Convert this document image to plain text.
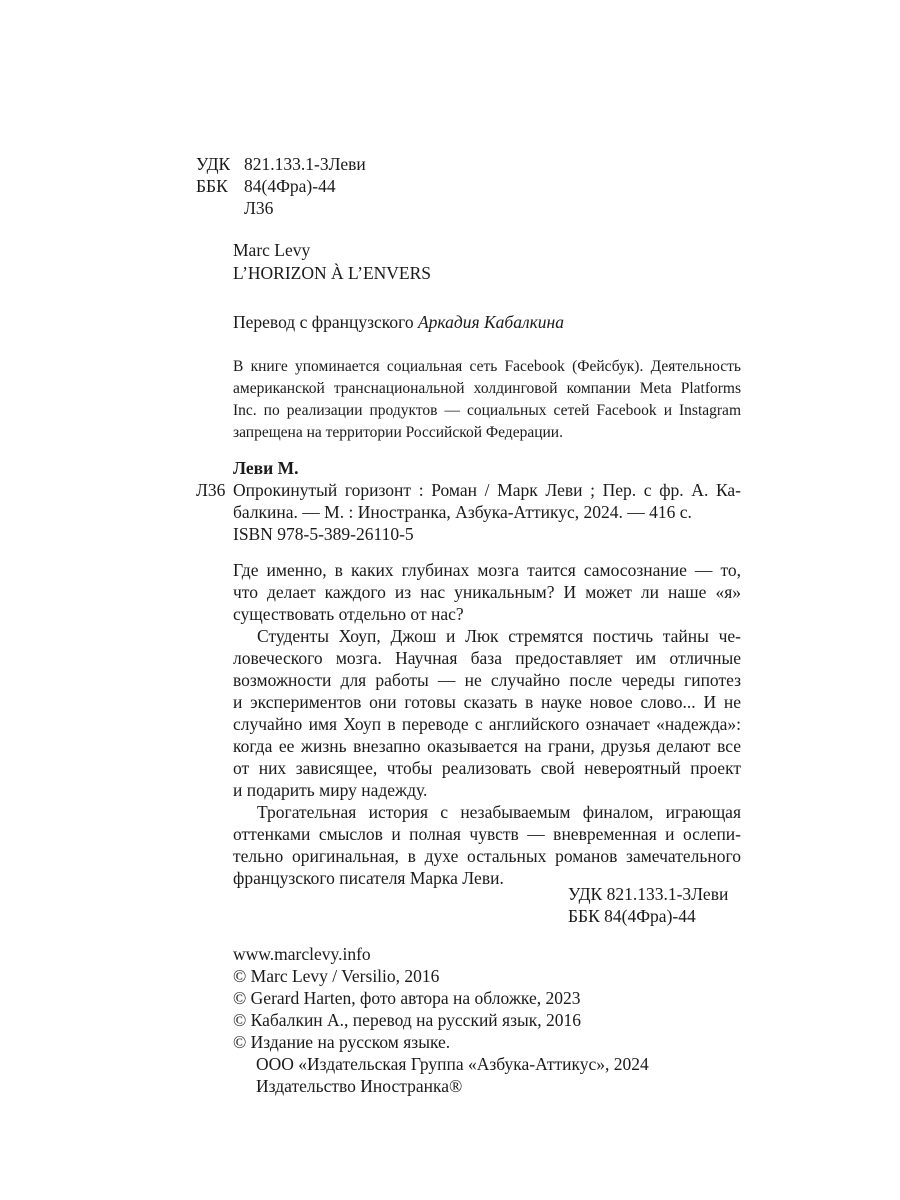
УДК 821.133.1-3Леви
ББК 84(4Фра)-44
Л36
Marc Levy
L’HORIZON À L’ENVERS
Перевод с французского Аркадия Кабалкина
В книге упоминается социальная сеть Facebook (Фейсбук). Деятельность
американской транснациональной холдинговой компании Meta Platforms
Inc. по реализации продуктов — социальных сетей Facebook и Instagram
запрещена на территории Российской Федерации.
Леви М.
Л36 Опрокинутый горизонт : Роман / Марк Леви ; Пер. с фр. А. Ка-
балкина. — М. : Иностранка, Азбука-Аттикус, 2024. — 416 с.
ISBN 978-5-389-26110-5
Где именно, в каких глубинах мозга таится самосознание — то,
что делает каждого из нас уникальным? И может ли наше «я»
существовать отдельно от нас?
Студенты Хоуп, Джош и Люк стремятся постичь тайны че-
ловеческого мозга. Научная база предоставляет им отличные
возможности для работы — не случайно после череды гипотез
и экспериментов они готовы сказать в науке новое слово... И не
случайно имя Хоуп в переводе с английского означает «надежда»:
когда ее жизнь внезапно оказывается на грани, друзья делают все
от них зависящее, чтобы реализовать свой невероятный проект
и подарить миру надежду.
Трогательная история с незабываемым финалом, играющая
оттенками смыслов и полная чувств — вневременная и ослепи-
тельно оригинальная, в духе остальных романов замечательного
французского писателя Марка Леви.
УДК 821.133.1-3Леви
ББК 84(4Фра)-44
www.marclevy.info
© Marc Levy / Versilio, 2016
© Gerard Harten, фото автора на обложке, 2023
© Кабалкин А., перевод на русский язык, 2016
© Издание на русском языке.
ООО «Издательская Группа «Азбука-Аттикус», 2024
Издательство Иностранка®
